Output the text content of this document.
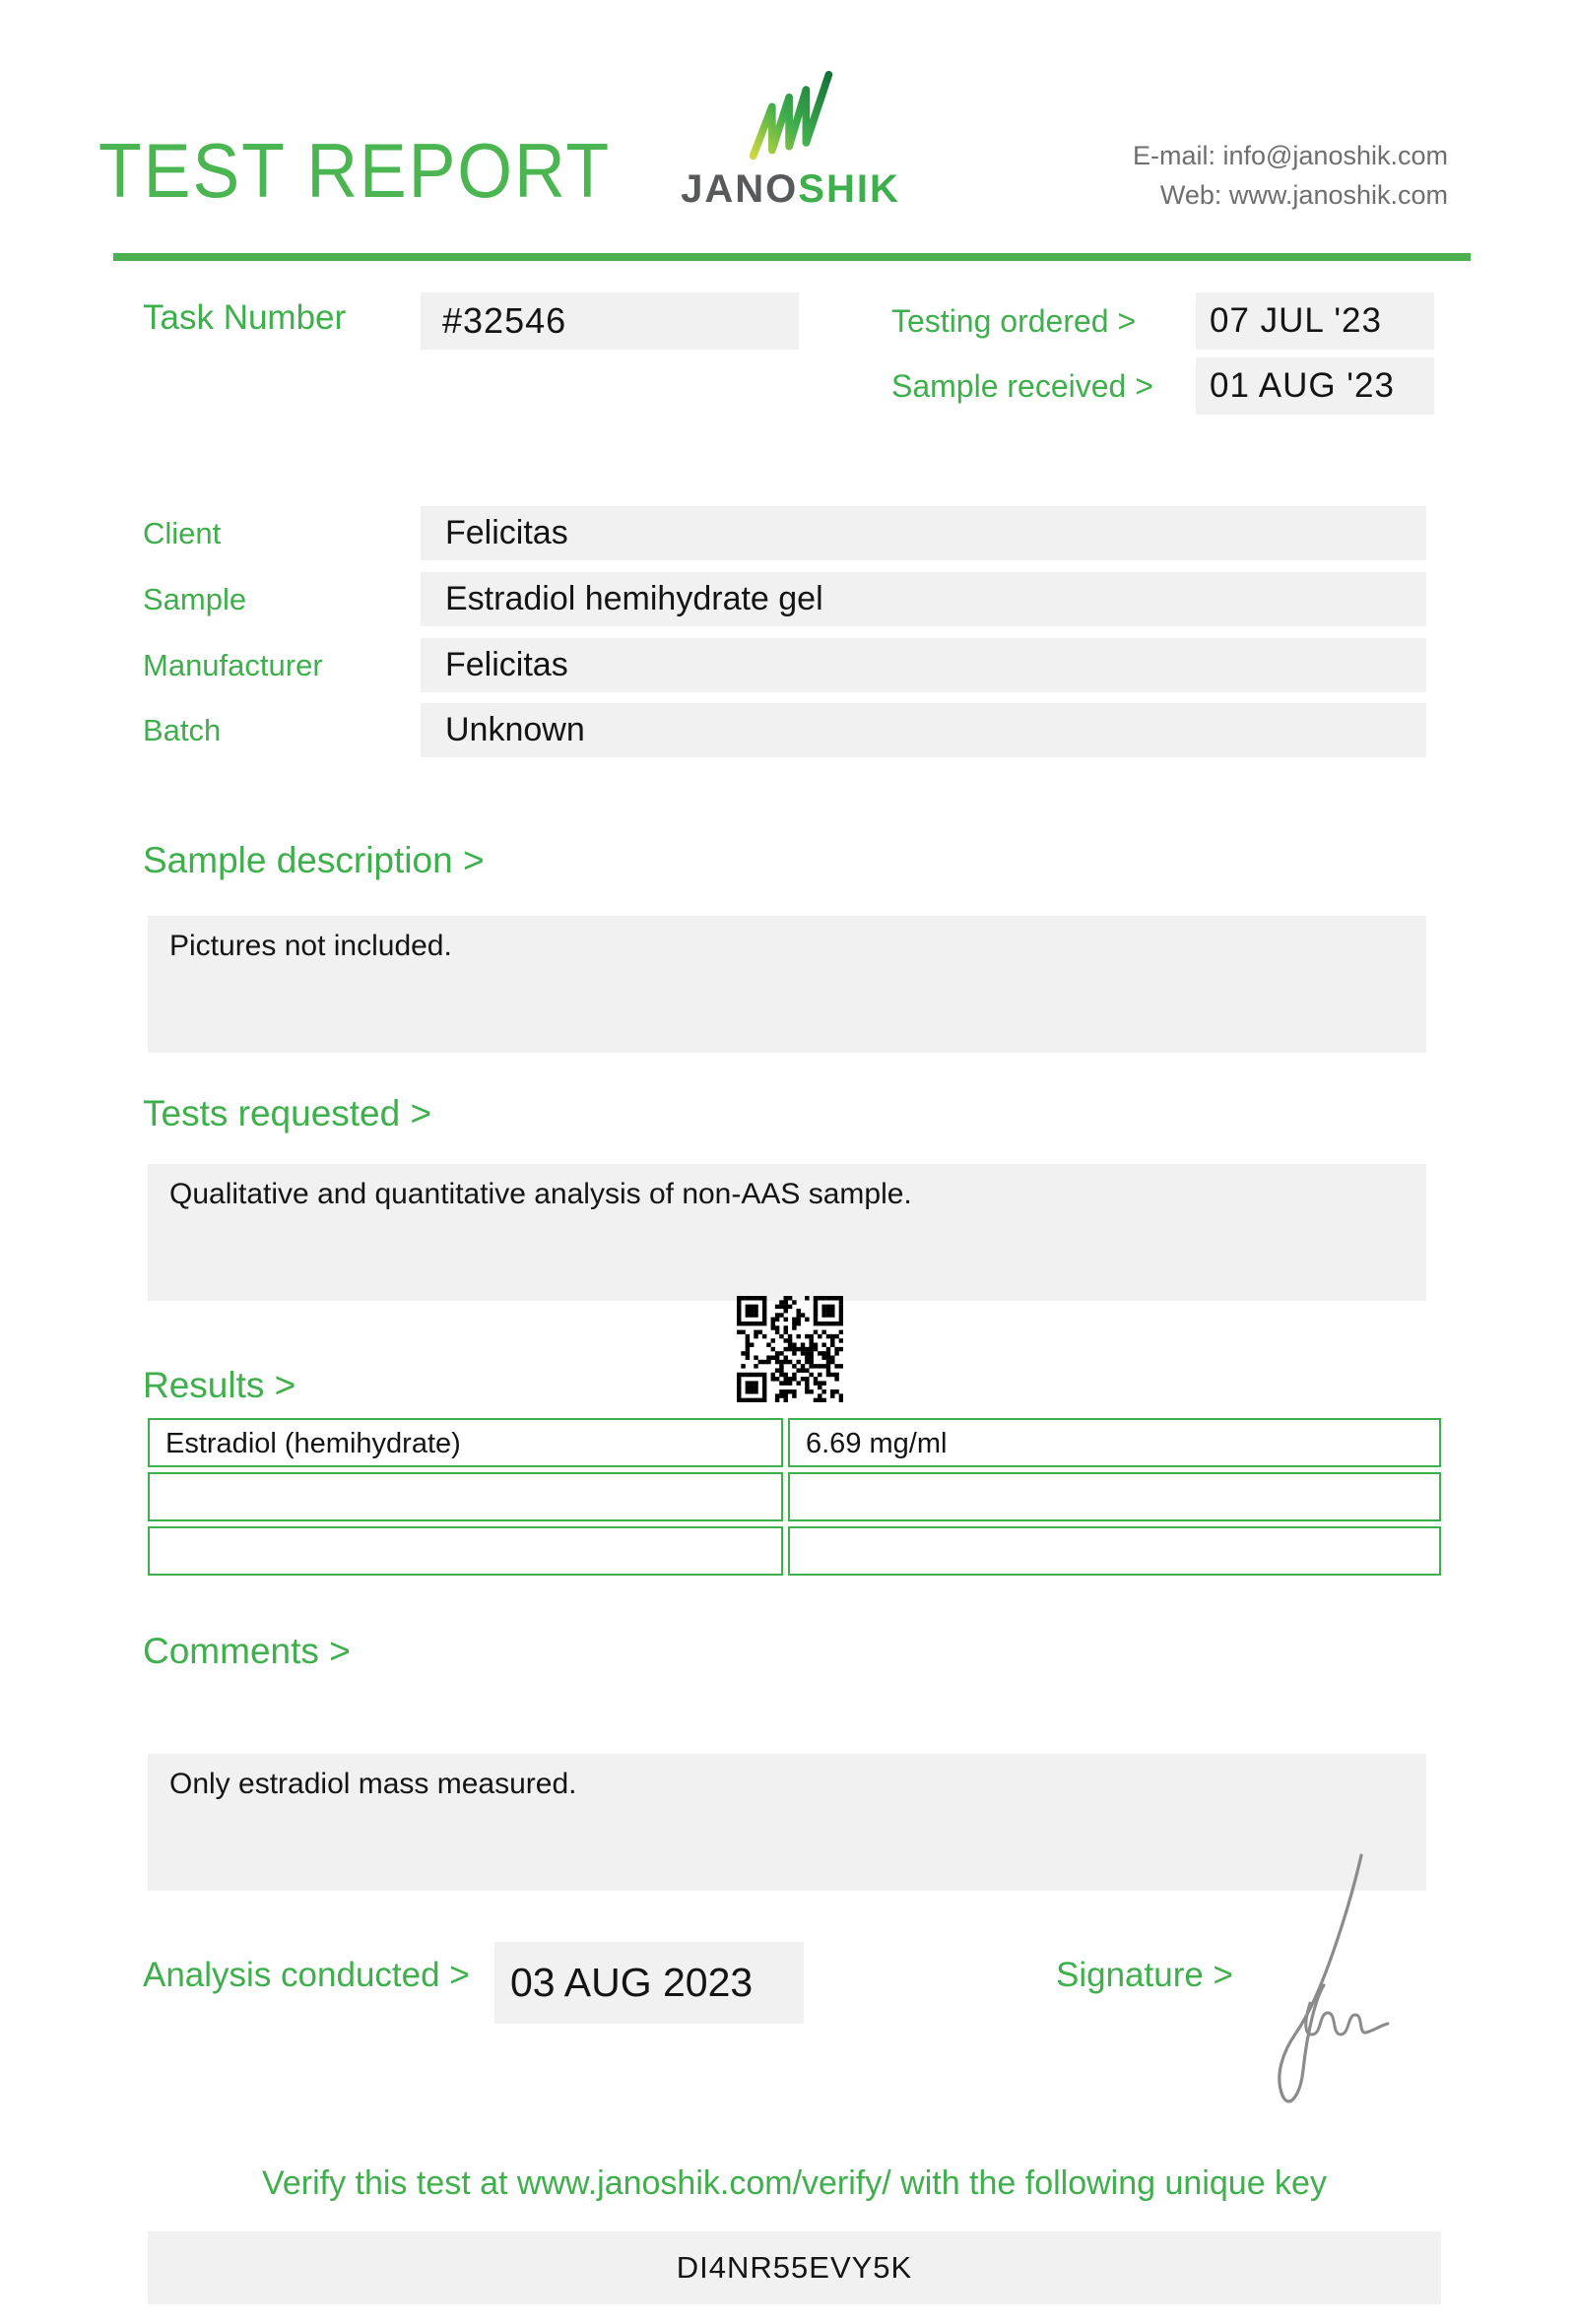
TEST REPORT JANOSHIK
E-mail: info@janoshik.com
Web: www.janoshik.com
Task Number	#32546	Testing ordered >	07 JUL '23
Sample received >	01 AUG '23
Client	Felicitas
Sample	Estradiol hemihydrate gel
Manufacturer	Felicitas
Batch	Unknown
Sample description >
Pictures not included.
Tests requested >
Qualitative and quantitative analysis of non-AAS sample.
Results >
Estradiol (hemihydrate)	6.69 mg/ml
Comments >
Only estradiol mass measured.
Analysis conducted >	03 AUG 2023	Signature >
Verify this test at www.janoshik.com/verify/ with the following unique key
DI4NR55EVY5K
